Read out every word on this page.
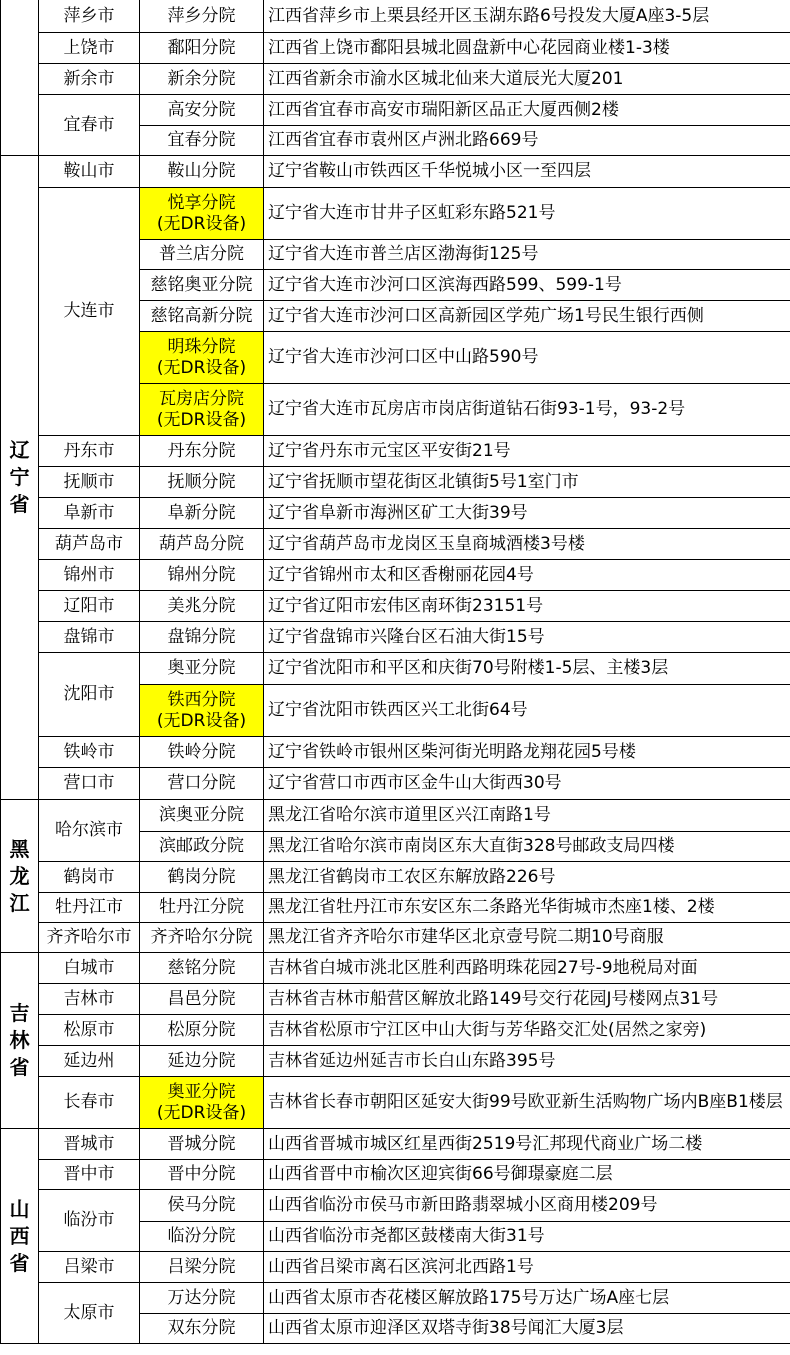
	萍乡市	萍乡分院	江西省萍乡市上栗县经开区玉湖东路6号投发大厦A座3-5层
	上饶市	鄱阳分院	江西省上饶市鄱阳县城北圆盘新中心花园商业楼1-3楼
	新余市	新余分院	江西省新余市渝水区城北仙来大道辰光大厦201
	宜春市	高安分院	江西省宜春市高安市瑞阳新区品正大厦西侧2楼

		宜春分院	江西省宜春市袁州区卢洲北路669号

辽
宁
省	鞍山市	鞍山分院	辽宁省鞍山市铁西区千华悦城小区一至四层
	大连市	悦享分院
(无DR设备)	辽宁省大连市甘井子区虹彩东路521号

		普兰店分院	辽宁省大连市普兰店区渤海街125号

		慈铭奥亚分院	辽宁省大连市沙河口区滨海西路599、599-1号

		慈铭高新分院	辽宁省大连市沙河口区高新园区学苑广场1号民生银行西侧

		明珠分院
(无DR设备)	辽宁省大连市沙河口区中山路590号

		瓦房店分院
(无DR设备)	辽宁省大连市瓦房店市岗店街道钻石街93-1号，93-2号
	丹东市	丹东分院	辽宁省丹东市元宝区平安街21号
	抚顺市	抚顺分院	辽宁省抚顺市望花街区北镇街5号1室门市
	阜新市	阜新分院	辽宁省阜新市海洲区矿工大街39号
	葫芦岛市	葫芦岛分院	辽宁省葫芦岛市龙岗区玉皇商城酒楼3号楼
	锦州市	锦州分院	辽宁省锦州市太和区香榭丽花园4号
	辽阳市	美兆分院	辽宁省辽阳市宏伟区南环街23151号
	盘锦市	盘锦分院	辽宁省盘锦市兴隆台区石油大街15号
	沈阳市	奥亚分院	辽宁省沈阳市和平区和庆街70号附楼1-5层、主楼3层

		铁西分院
(无DR设备)	辽宁省沈阳市铁西区兴工北街64号
	铁岭市	铁岭分院	辽宁省铁岭市银州区柴河街光明路龙翔花园5号楼
	营口市	营口分院	辽宁省营口市西市区金牛山大街西30号

黑
龙
江	哈尔滨市	滨奥亚分院	黑龙江省哈尔滨市道里区兴江南路1号

		滨邮政分院	黑龙江省哈尔滨市南岗区东大直街328号邮政支局四楼
	鹤岗市	鹤岗分院	黑龙江省鹤岗市工农区东解放路226号
	牡丹江市	牡丹江分院	黑龙江省牡丹江市东安区东二条路光华街城市杰座1楼、2楼
	齐齐哈尔市	齐齐哈尔分院	黑龙江省齐齐哈尔市建华区北京壹号院二期10号商服

吉
林
省	白城市	慈铭分院	吉林省白城市洮北区胜利西路明珠花园27号-9地税局对面
	吉林市	昌邑分院	吉林省吉林市船营区解放北路149号交行花园J号楼网点31号
	松原市	松原分院	吉林省松原市宁江区中山大街与芳华路交汇处(居然之家旁)
	延边州	延边分院	吉林省延边州延吉市长白山东路395号
	长春市	奥亚分院
(无DR设备)	吉林省长春市朝阳区延安大街99号欧亚新生活购物广场内B座B1楼层

山
西
省	晋城市	晋城分院	山西省晋城市城区红星西街2519号汇邦现代商业广场二楼
	晋中市	晋中分院	山西省晋中市榆次区迎宾街66号御璟豪庭二层
	临汾市	侯马分院	山西省临汾市侯马市新田路翡翠城小区商用楼209号

		临汾分院	山西省临汾市尧都区鼓楼南大街31号
	吕梁市	吕梁分院	山西省吕梁市离石区滨河北西路1号
	太原市	万达分院	山西省太原市杏花楼区解放路175号万达广场A座七层

		双东分院	山西省太原市迎泽区双塔寺街38号闻汇大厦3层
